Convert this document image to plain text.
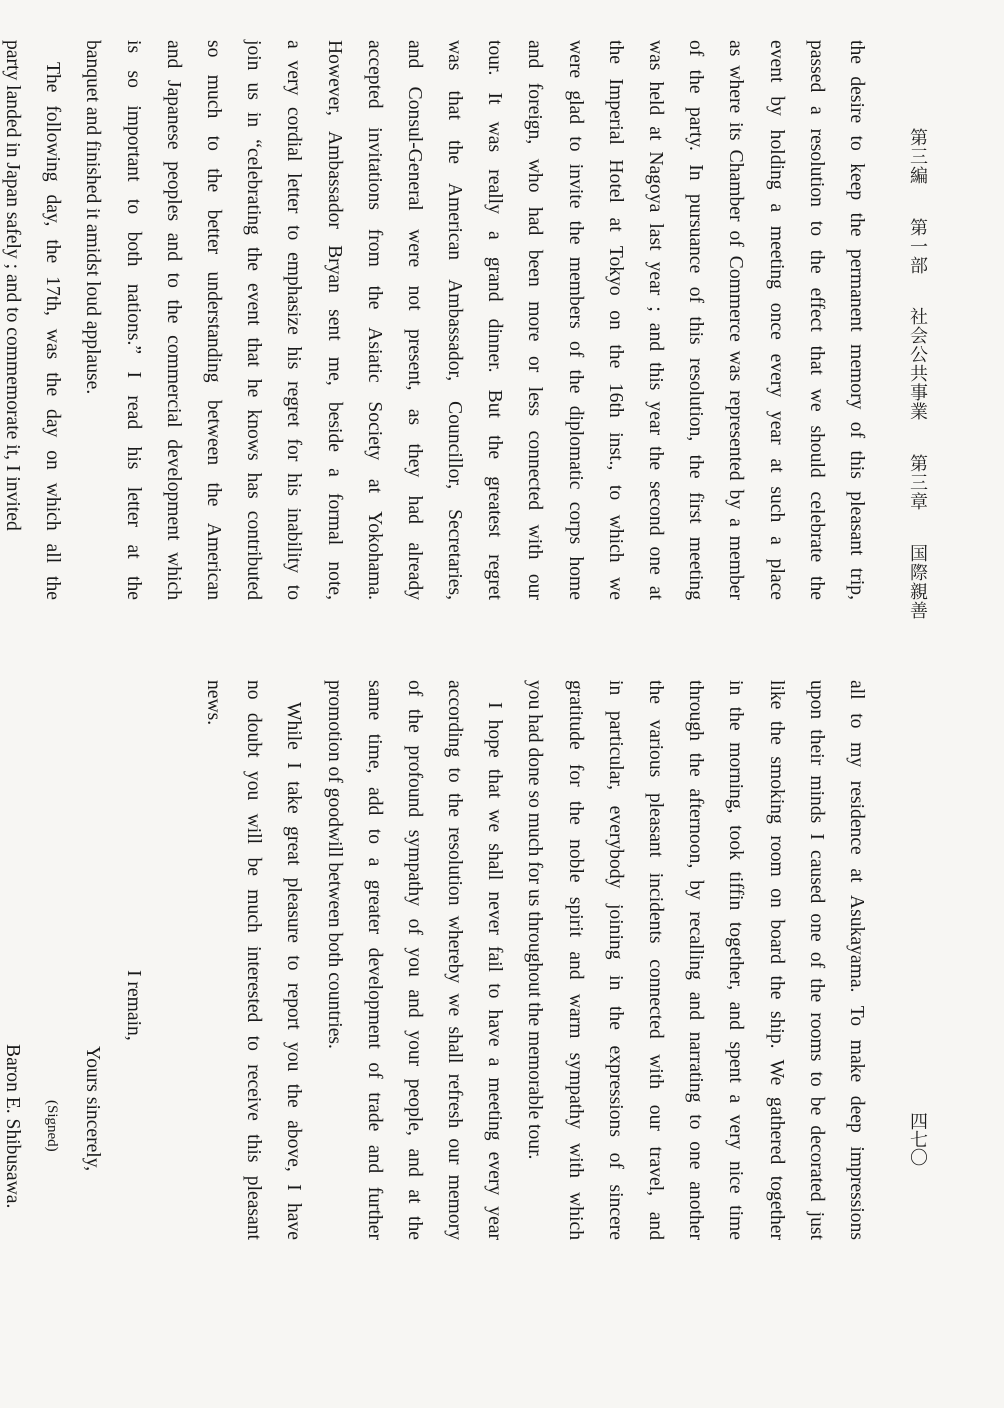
第三編 第一部 社会公共事業 第三章 国際親善
四七〇
the desire to keep the permanent memory of this pleasant trip,
passed a resolution to the effect that we should celebrate the
event by holding a meeting once every year at such a place
as where its Chamber of Commerce was represented by a member
of the party. In pursuance of this resolution, the first meeting
was held at Nagoya last year ; and this year the second one at
the Imperial Hotel at Tokyo on the 16th inst., to which we
were glad to invite the members of the diplomatic corps home
and foreign, who had been more or less connected with our
tour. It was really a grand dinner. But the greatest regret
was that the American Ambassador, Councillor, Secretaries,
and Consul-General were not present, as they had already
accepted invitations from the Asiatic Society at Yokohama.
However, Ambassador Bryan sent me, beside a formal note,
a very cordial letter to emphasize his regret for his inability to
join us in “celebrating the event that he knows has contributed
so much to the better understanding between the American
and Japanese peoples and to the commercial development which
is so important to both nations.” I read his letter at the
banquet and finished it amidst loud applause.
The following day, the 17th, was the day on which all the
party landed in Japan safely ; and to commemorate it, I invited
all to my residence at Asukayama. To make deep impressions
upon their minds I caused one of the rooms to be decorated just
like the smoking room on board the ship. We gathered together
in the morning, took tiffin together, and spent a very nice time
through the afternoon, by recalling and narrating to one another
the various pleasant incidents connected with our travel, and
in particular, everybody joining in the expressions of sincere
gratitude for the noble spirit and warm sympathy with which
you had done so much for us throughout the memorable tour.
I hope that we shall never fail to have a meeting every year
according to the resolution whereby we shall refresh our memory
of the profound sympathy of you and your people, and at the
same time, add to a greater development of trade and further
promotion of goodwill between both countries.
While I take great pleasure to report you the above, I have
no doubt you will be much interested to receive this pleasant
news.
I remain,
Yours sincerely,
(Signed)
Baron E. Shibusawa.
